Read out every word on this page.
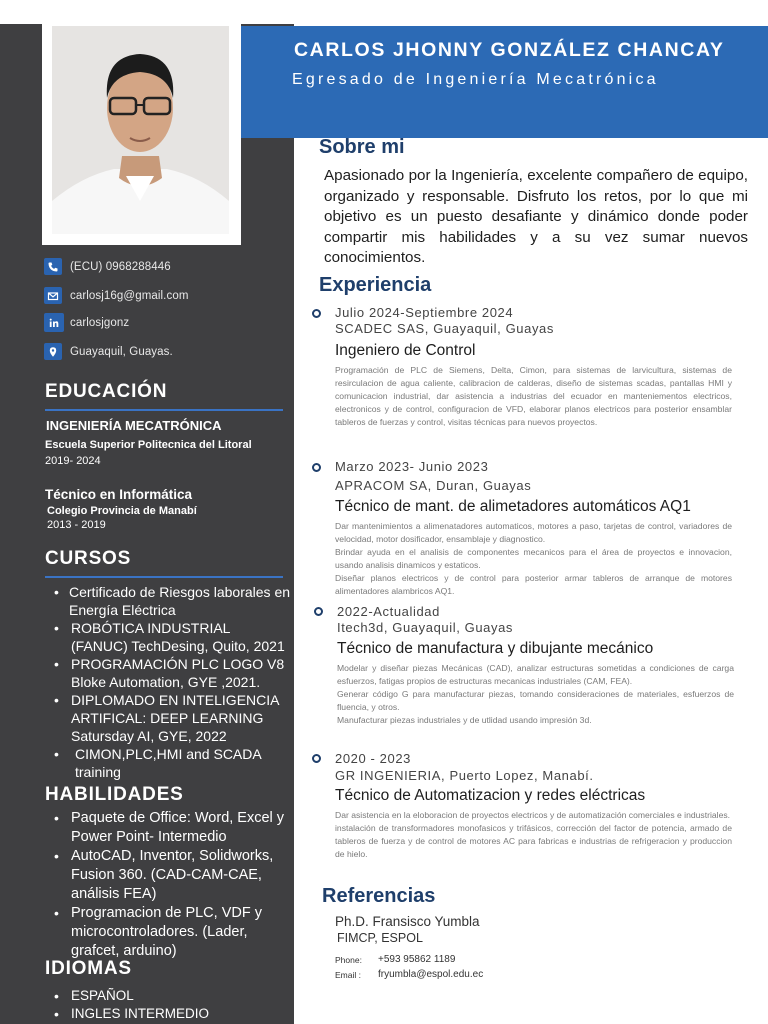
(ECU) 0968288446
carlosj16g@gmail.com
carlosjgonz
Guayaquil, Guayas.
EDUCACIÓN
INGENIERÍA MECATRÓNICA
Escuela Superior Politecnica del Litoral
2019- 2024
Técnico en Informática
Colegio Provincia de Manabí
2013 - 2019
CURSOS
• Certificado de Riesgos laborales en Energía Eléctrica
• ROBÓTICA INDUSTRIAL (FANUC) TechDesing, Quito, 2021
• PROGRAMACIÓN PLC LOGO V8 Bloke Automation, GYE ,2021.
• DIPLOMADO EN INTELIGENCIA ARTIFICAL: DEEP LEARNING Satursday AI, GYE, 2022
• CIMON,PLC,HMI and SCADA training
HABILIDADES
• Paquete de Office: Word, Excel y Power Point- Intermedio
• AutoCAD, Inventor, Solidworks, Fusion 360. (CAD-CAM-CAE, análisis FEA)
• Programacion de PLC, VDF y microcontroladores. (Lader, grafcet, arduino)
IDIOMAS
• ESPAÑOL
• INGLES INTERMEDIO
CARLOS JHONNY GONZÁLEZ CHANCAY
Egresado de Ingeniería Mecatrónica
Sobre mi
Apasionado por la Ingeniería, excelente compañero de equipo, organizado y responsable. Disfruto los retos, por lo que mi objetivo es un puesto desafiante y dinámico donde poder compartir mis habilidades y a su vez sumar nuevos conocimientos.
Experiencia
Julio 2024-Septiembre 2024
SCADEC SAS, Guayaquil, Guayas
Ingeniero de Control
Programación de PLC de Siemens, Delta, Cimon, para sistemas de larvicultura, sistemas de resirculacion de agua caliente, calibracion de calderas, diseño de sistemas scadas, pantallas HMI y comunicacion industrial, dar asistencia a industrias del ecuador en manteniementos electricos, electronicos y de control, configuracion de VFD, elaborar planos electricos para posterior ensamblar tableros de fuerzas y control, visitas técnicas para nuevos proyectos.
Marzo 2023- Junio 2023
APRACOM SA, Duran, Guayas
Técnico de mant. de alimetadores automáticos AQ1
Dar mantenimientos a alimenatadores automaticos, motores a paso, tarjetas de control, variadores de velocidad, motor dosificador, ensamblaje y diagnostico.
Brindar ayuda en el analisis de componentes mecanicos para el área de proyectos e innovacion, usando analisis dinamicos y estaticos.
Diseñar planos electricos y de control para posterior armar tableros de arranque de motores alimentadores alambricos AQ1.
2022-Actualidad
Itech3d, Guayaquil, Guayas
Técnico de manufactura y dibujante mecánico
Modelar y diseñar piezas Mecánicas (CAD), analizar estructuras sometidas a condiciones de carga esfuerzos, fatigas propios de estructuras mecanicas industriales (CAM, FEA).
Generar código G para manufacturar piezas, tomando consideraciones de materiales, esfuerzos de fluencia, y otros.
Manufacturar piezas industriales y de utlidad usando impresión 3d.
2020 - 2023
GR INGENIERIA, Puerto Lopez, Manabí.
Técnico de Automatizacion y redes eléctricas
Dar asistencia en la eloboracion de proyectos electricos y de automatización comerciales e industriales.
instalación de transformadores monofasicos y trifásicos, corrección del factor de potencia, armado de tableros de fuerza y de control de motores AC para fabricas e industrias de refrigeracion y produccion de hielo.
Referencias
Ph.D. Fransisco Yumbla
FIMCP, ESPOL
Phone: +593 95862 1189
Email : fryumbla@espol.edu.ec
